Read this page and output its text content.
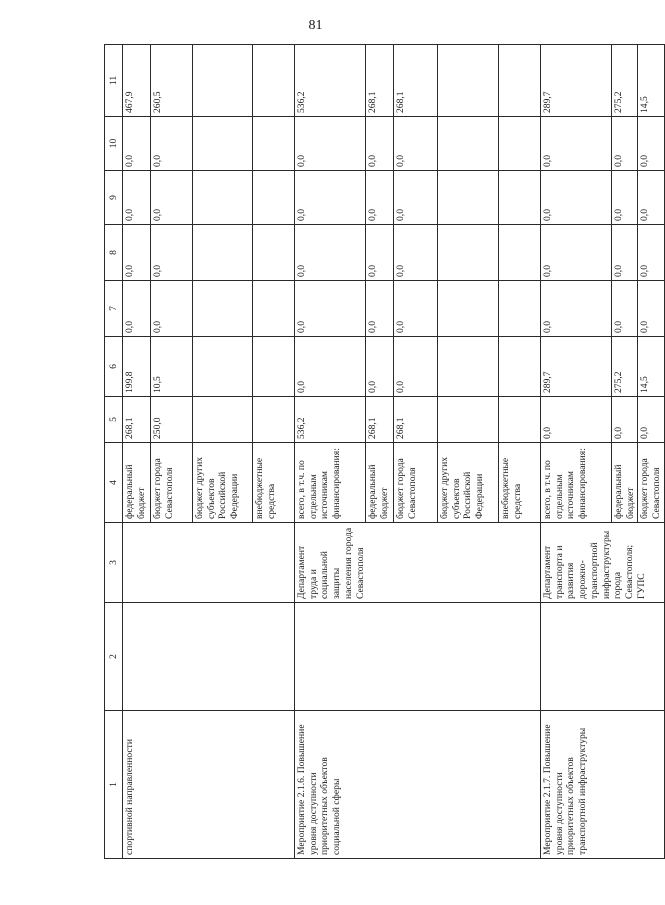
81
1	2	3	4	5	6	7	8	9	10	11
спортивной направленности			федеральный бюджет	268,1	199,8	0,0	0,0	0,0	0,0	467,9
			бюджет города Севастополя	250,0	10,5	0,0	0,0	0,0	0,0	260,5
			бюджет других субъектов Российской Федерации							
			внебюджетные средства							
Мероприятие 2.1.6. Повышение уровня доступности приоритетных объектов социальной сферы		Департамент труда и социальной защиты населения города Севастополя	всего, в т.ч. по отдельным источникам финансирования:	536,2	0,0	0,0	0,0	0,0	0,0	536,2
			федеральный бюджет	268,1	0,0	0,0	0,0	0,0	0,0	268,1
			бюджет города Севастополя	268,1	0,0	0,0	0,0	0,0	0,0	268,1
			бюджет других субъектов Российской Федерации							
			внебюджетные средства							
Мероприятие 2.1.7. Повышение уровня доступности приоритетных объектов транспортной инфраструктуры		Департамент транспорта и развития дорожно-транспортной инфраструктуры города Севастополя; ГУПС	всего, в т.ч. по отдельным источникам финансирования:	0,0	289,7	0,0	0,0	0,0	0,0	289,7
			федеральный бюджет	0,0	275,2	0,0	0,0	0,0	0,0	275,2
			бюджет города Севастополя	0,0	14,5	0,0	0,0	0,0	0,0	14,5
